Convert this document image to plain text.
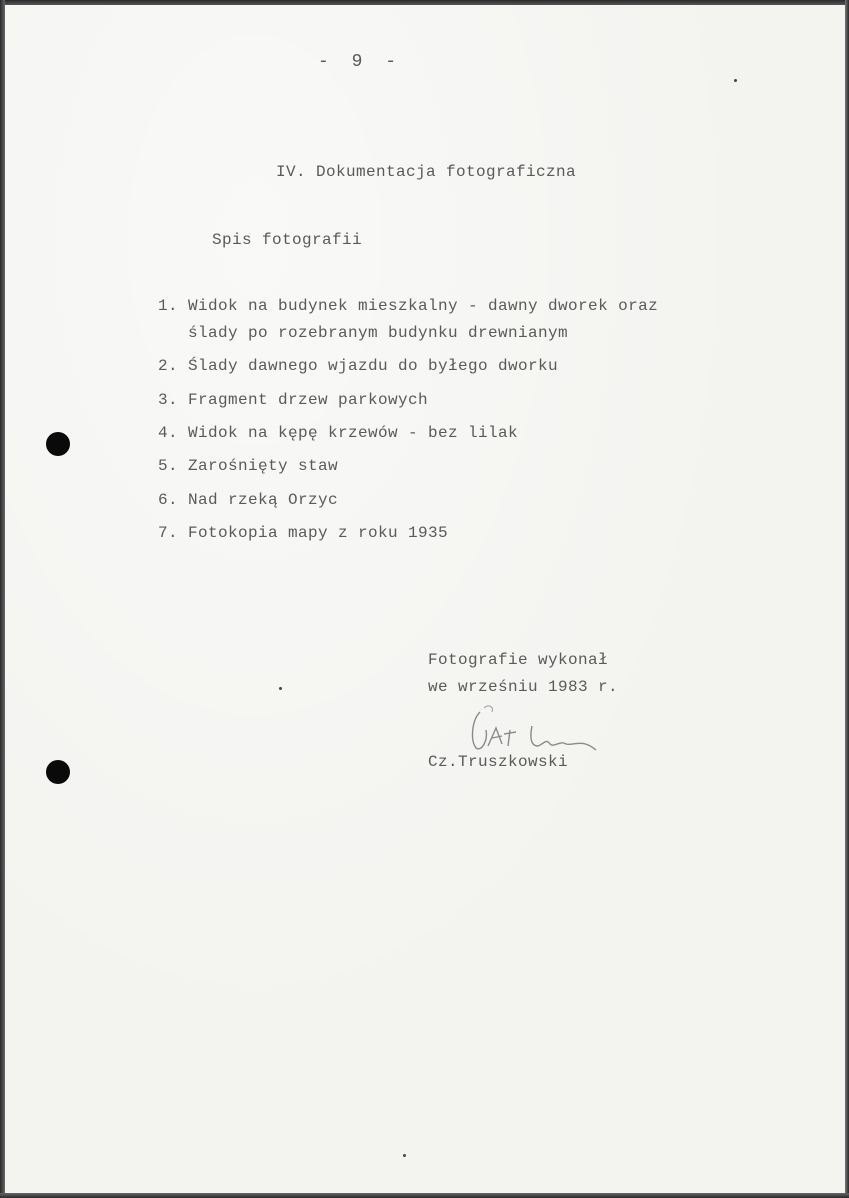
- 9 -
IV. Dokumentacja fotograficzna
Spis fotografii
1. Widok na budynek mieszkalny - dawny dworek oraz
ślady po rozebranym budynku drewnianym
2. Ślady dawnego wjazdu do byłego dworku
3. Fragment drzew parkowych
4. Widok na kępę krzewów - bez lilak
5. Zarośnięty staw
6. Nad rzeką Orzyc
7. Fotokopia mapy z roku 1935
Fotografie wykonał
we wrześniu 1983 r.
Cz.Truszkowski
